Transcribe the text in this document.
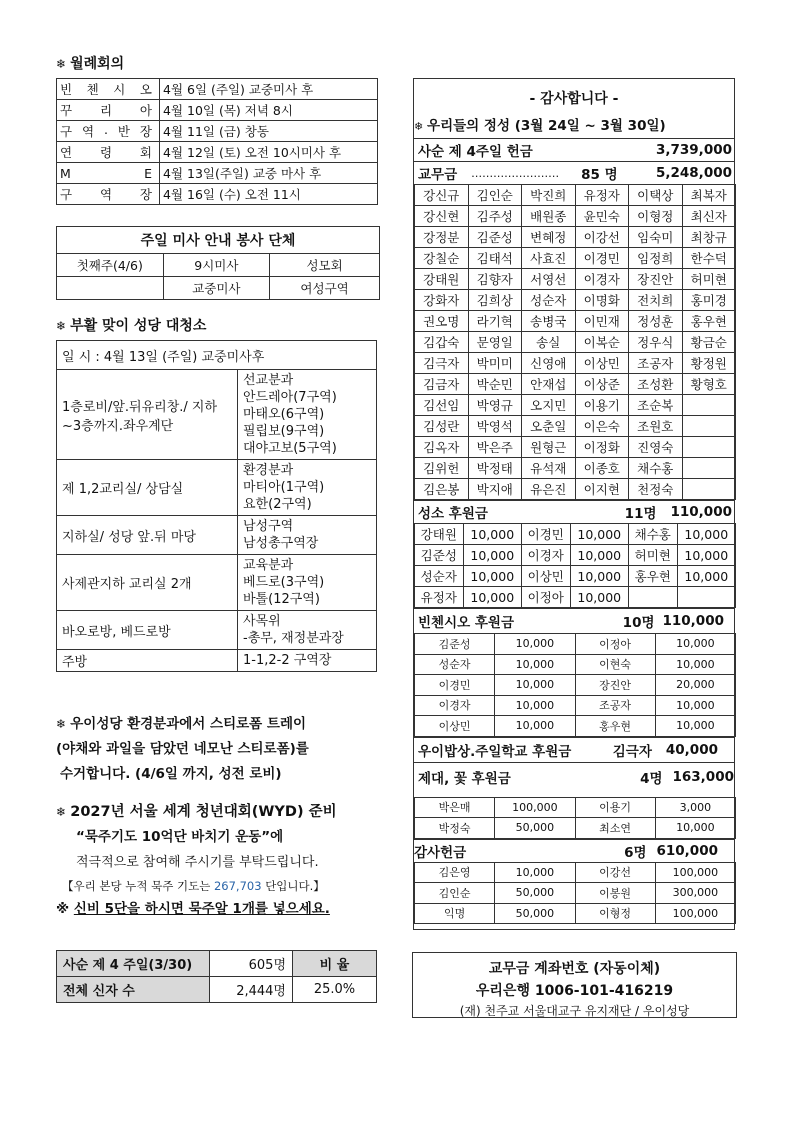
❄ 월례회의
빈 첸 시 오	4월 6일 (주일) 교중미사 후

꾸 리 아	4월 10일 (목) 저녁 8시

구 역 . 반 장	4월 11일 (금) 창동

연 령 회	4월 12일 (토) 오전 10시미사 후

M E	4월 13일(주일) 교중 마사 후

구 역 장	4월 16일 (수) 오전 11시
주일 미사 안내 봉사 단체		
첫째주(4/6)	9시미사	성모회
	교중미사	여성구역
❄ 부활 맞이 성당 대청소
일 시 : 4월 13일 (주일) 교중미사후	
1층로비/앞.뒤유리창./ 지하~3층까지.좌우계단	선교분과
안드레아(7구역)
마태오(6구역)
필립보(9구역)
대야고보(5구역)

제 1,2교리실/ 상담실	환경분과
마티아(1구역)
요한(2구역)

지하실/ 성당 앞.뒤 마당	남성구역
남성총구역장

사제관지하 교리실 2개	교육분과
베드로(3구역)
바톨(12구역)

바오로방, 베드로방	사목위
-총무, 재정분과장

주방	1-1,2-2 구역장
❄ 우이성당 환경분과에서 스티로폼 트레이
(야채와 과일을 담았던 네모난 스티로폼)를
수거합니다. (4/6일 까지, 성전 로비)
❄ 2027년 서울 세계 청년대회(WYD) 준비
“묵주기도 10억단 바치기 운동”에
적극적으로 참여해 주시기를 부탁드립니다.
【우리 본당 누적 묵주 기도는 267,703 단입니다.】
※ 신비 5단을 하시면 묵주알 1개를 넣으세요.
사순 제 4 주일(3/30)	605명	비 율
전체 신자 수	2,444명	25.0%
- 감사합니다 -
❄ 우리들의 정성 (3월 24일 ~ 3월 30일)
사순 제 4주일 헌금	3,739,000
교무금 …………………… 85 명	5,248,000
강신규	김인순	박진희	유정자	이택상	최복자
강신현	김주성	배원종	윤민숙	이형정	최신자
강정분	김준성	변혜정	이강선	임숙미	최창규
강칠순	김태석	사효진	이경민	임정희	한수덕
강태원	김향자	서영선	이경자	장진안	허미현
강화자	김희상	성순자	이명화	전치희	홍미경
권오명	라기혁	송병국	이민재	정성훈	홍우현
김갑숙	문영일	송실	이복순	정우식	황금순
김극자	박미미	신영애	이상민	조공자	황정원
김금자	박순민	안재섭	이상준	조성환	황형호
김선임	박영규	오지민	이용기	조순복	
김성란	박영석	오춘일	이은숙	조원호	
김옥자	박은주	원형근	이정화	진영숙	
김위헌	박정태	유석재	이종호	채수홍	
김은봉	박지애	유은진	이지현	천정숙	
성소 후원금	11명 110,000
강태원	10,000	이경민	10,000	채수홍	10,000
김준성	10,000	이경자	10,000	허미현	10,000
성순자	10,000	이상민	10,000	홍우현	10,000
유정자	10,000	이정아	10,000		
빈첸시오 후원금	10명 110,000
김준성	10,000	이정아	10,000
성순자	10,000	이현숙	10,000
이경민	10,000	장진안	20,000
이경자	10,000	조공자	10,000
이상민	10,000	홍우현	10,000
우이밥상.주일학교 후원금	김극자 40,000
제대, 꽃 후원금	4명 163,000
박은매	100,000	이용기	3,000
박정숙	50,000	최소연	10,000
감사헌금	6명 610,000
김은영	10,000	이강선	100,000
김인순	50,000	이봉원	300,000
익명	50,000	이형정	100,000
교무금 계좌번호 (자동이체)
우리은행 1006-101-416219
(재) 천주교 서울대교구 유지재단 / 우이성당
